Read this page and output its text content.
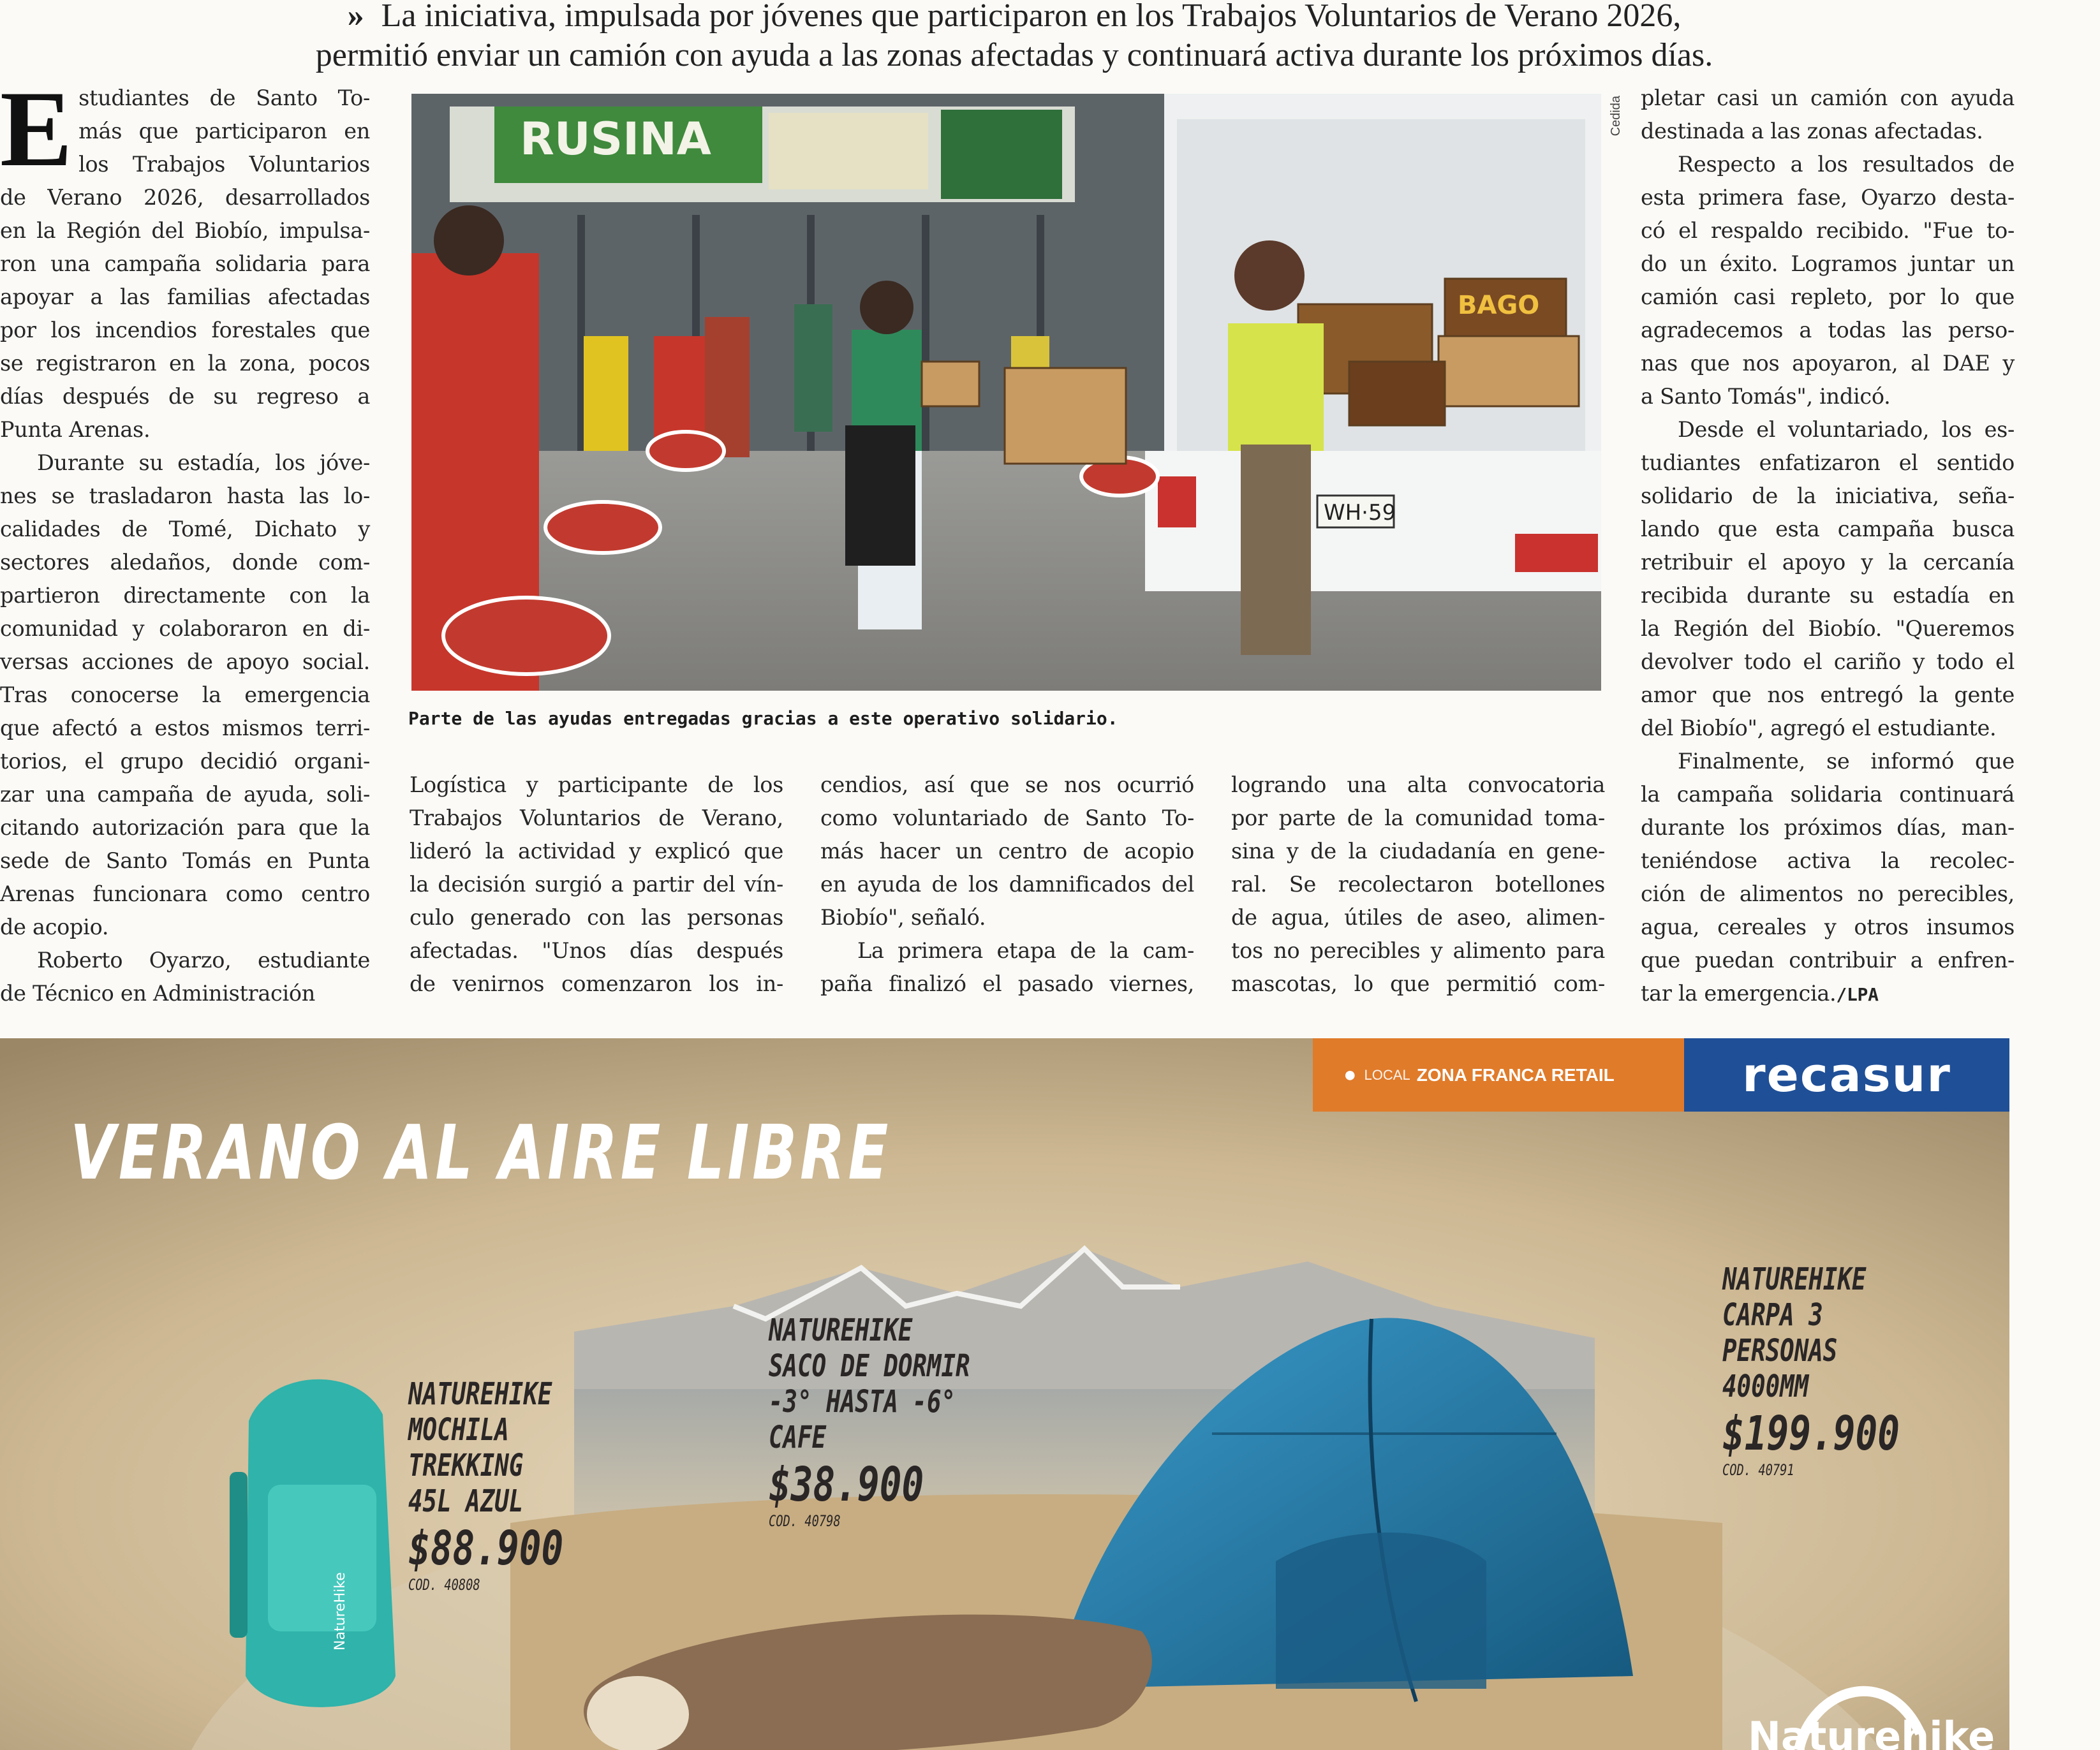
» La iniciativa, impulsada por jóvenes que participaron en los Trabajos Voluntarios de Verano 2026,
permitió enviar un camión con ayuda a las zonas afectadas y continuará activa durante los próximos días.
E studiantes de Santo To-

más que participaron en

los Trabajos Voluntarios

de Verano 2026, desarrollados

en la Región del Biobío, impulsa-

ron una campaña solidaria para

apoyar a las familias afectadas

por los incendios forestales que

se registraron en la zona, pocos

días después de su regreso a

Punta Arenas.

Durante su estadía, los jóve-

nes se trasladaron hasta las lo-

calidades de Tomé, Dichato y

sectores aledaños, donde com-

partieron directamente con la

comunidad y colaboraron en di-

versas acciones de apoyo social.

Tras conocerse la emergencia

que afectó a estos mismos terri-

torios, el grupo decidió organi-

zar una campaña de ayuda, soli-

citando autorización para que la

sede de Santo Tomás en Punta

Arenas funcionara como centro

de acopio.

Roberto Oyarzo, estudiante

de Técnico en Administración

RUSINA
WH·59
BAGO
Cedida
Parte de las ayudas entregadas gracias a este operativo solidario.

Logística y participante de los

Trabajos Voluntarios de Verano,

lideró la actividad y explicó que

la decisión surgió a partir del vín-

culo generado con las personas

afectadas. "Unos días después

de venirnos comenzaron los in-

cendios, así que se nos ocurrió

como voluntariado de Santo To-

más hacer un centro de acopio

en ayuda de los damnificados del

Biobío", señaló.

La primera etapa de la cam-

paña finalizó el pasado viernes,

logrando una alta convocatoria

por parte de la comunidad toma-

sina y de la ciudadanía en gene-

ral. Se recolectaron botellones

de agua, útiles de aseo, alimen-

tos no perecibles y alimento para

mascotas, lo que permitió com-

pletar casi un camión con ayuda

destinada a las zonas afectadas.

Respecto a los resultados de

esta primera fase, Oyarzo desta-

có el respaldo recibido. "Fue to-

do un éxito. Logramos juntar un

camión casi repleto, por lo que

agradecemos a todas las perso-

nas que nos apoyaron, al DAE y

a Santo Tomás", indicó.

Desde el voluntariado, los es-

tudiantes enfatizaron el sentido

solidario de la iniciativa, seña-

lando que esta campaña busca

retribuir el apoyo y la cercanía

recibida durante su estadía en

la Región del Biobío. "Queremos

devolver todo el cariño y todo el

amor que nos entregó la gente

del Biobío", agregó el estudiante.

Finalmente, se informó que

la campaña solidaria continuará

durante los próximos días, man-

teniéndose activa la recolec-

ción de alimentos no perecibles,

agua, cereales y otros insumos

que puedan contribuir a enfren-

tar la emergencia./LPA

NatureHike
Naturehike
VERANO AL AIRE LIBRE
● LOCAL ZONA FRANCA RETAIL	recasur
NATUREHIKE
MOCHILA
TREKKING
45L AZUL
$88.900
COD. 40808
NATUREHIKE
SACO DE DORMIR
-3° HASTA -6°
CAFE
$38.900
COD. 40798
NATUREHIKE
CARPA 3
PERSONAS
4000MM
$199.900
COD. 40791
